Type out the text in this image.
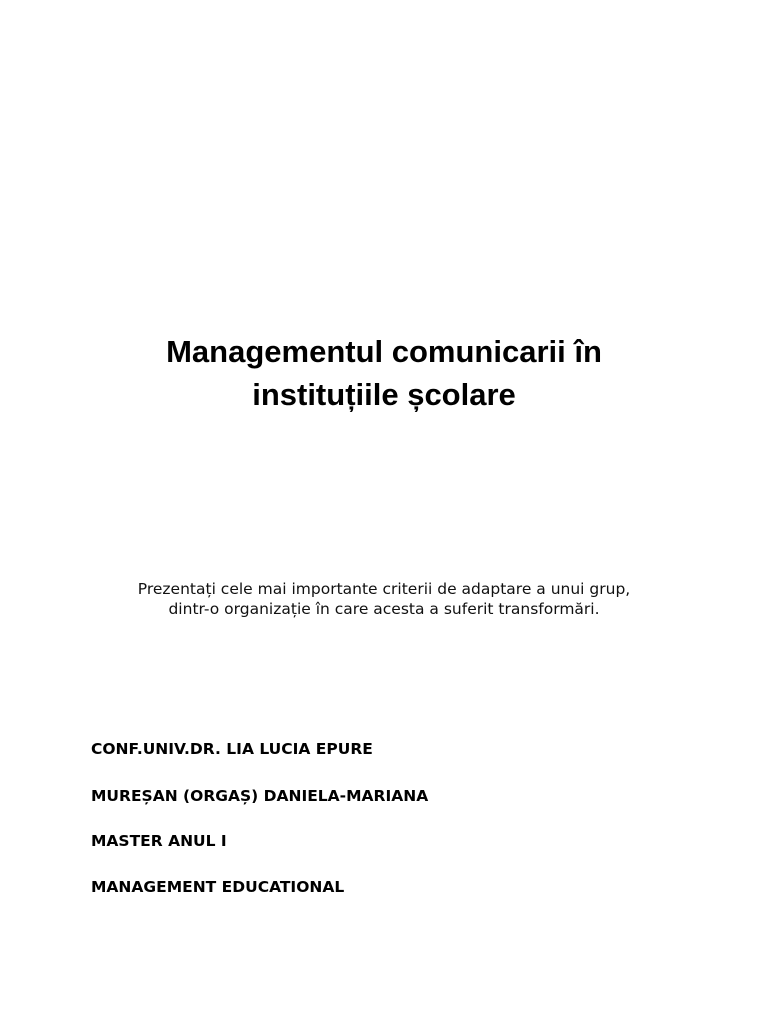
Managementul comunicarii în
instituțiile școlare
Prezentați cele mai importante criterii de adaptare a unui grup,
dintr-o organizație în care acesta a suferit transformări.
CONF.UNIV.DR. LIA LUCIA EPURE
MUREȘAN (ORGAȘ) DANIELA-MARIANA
MASTER ANUL I
MANAGEMENT EDUCATIONAL
